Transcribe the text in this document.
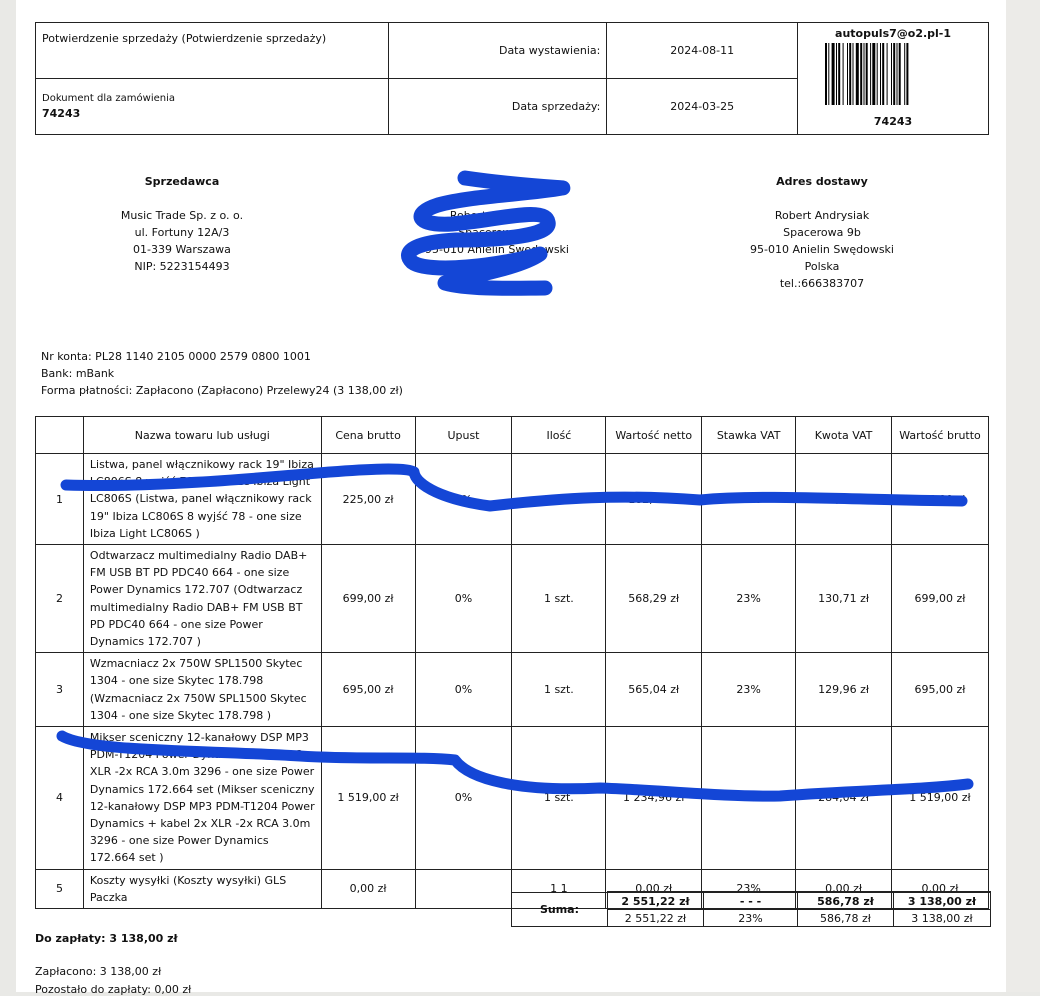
Potwierdzenie sprzedaży (Potwierdzenie sprzedaży)	Data wystawienia:	2024-08-11	autopuls7@o2.pl-1
74243

Dokument dla zamówienia
74243	Data sprzedaży:	2024-03-25	
Sprzedawca
Music Trade Sp. z o. o.
ul. Fortuny 12A/3
01-339 Warszawa
NIP: 5223154493
Nabywca
Robert Andrysiak
Spacerowa 9b
95-010 Anielin Swędowski
Adres dostawy
Robert Andrysiak
Spacerowa 9b
95-010 Anielin Swędowski
Polska
tel.:666383707
Nr konta: PL28 1140 2105 0000 2579 0800 1001
Bank: mBank
Forma płatności: Zapłacono (Zapłacono) Przelewy24 (3 138,00 zł)
	Nazwa towaru lub usługi	Cena brutto	Upust	Ilość	Wartość netto	Stawka VAT	Kwota VAT	Wartość brutto
1	Listwa, panel włącznikowy rack 19" Ibiza LC806S 8 wyjść 78 - one size Ibiza Light LC806S (Listwa, panel włącznikowy rack 19" Ibiza LC806S 8 wyjść 78 - one size Ibiza Light LC806S )	225,00 zł	0%	1 szt.	182,93 zł	23%	42,07 zł	225,00 zł
2	Odtwarzacz multimedialny Radio DAB+ FM USB BT PD PDC40 664 - one size Power Dynamics 172.707 (Odtwarzacz multimedialny Radio DAB+ FM USB BT PD PDC40 664 - one size Power Dynamics 172.707 )	699,00 zł	0%	1 szt.	568,29 zł	23%	130,71 zł	699,00 zł
3	Wzmacniacz 2x 750W SPL1500 Skytec 1304 - one size Skytec 178.798 (Wzmacniacz 2x 750W SPL1500 Skytec 1304 - one size Skytec 178.798 )	695,00 zł	0%	1 szt.	565,04 zł	23%	129,96 zł	695,00 zł
4	Mikser sceniczny 12-kanałowy DSP MP3 PDM-T1204 Power Dynamics + kabel 2x XLR -2x RCA 3.0m 3296 - one size Power Dynamics 172.664 set (Mikser sceniczny 12-kanałowy DSP MP3 PDM-T1204 Power Dynamics + kabel 2x XLR -2x RCA 3.0m 3296 - one size Power Dynamics 172.664 set )	1 519,00 zł	0%	1 szt.	1 234,96 zł	23%	284,04 zł	1 519,00 zł
5	Koszty wysyłki (Koszty wysyłki) GLS Paczka	0,00 zł		1 1	0,00 zł	23%	0,00 zł	0,00 zł
Suma:	2 551,22 zł	- - -	586,78 zł	3 138,00 zł
	2 551,22 zł	23%	586,78 zł	3 138,00 zł
Do zapłaty: 3 138,00 zł
Zapłacono: 3 138,00 zł
Pozostało do zapłaty: 0,00 zł
